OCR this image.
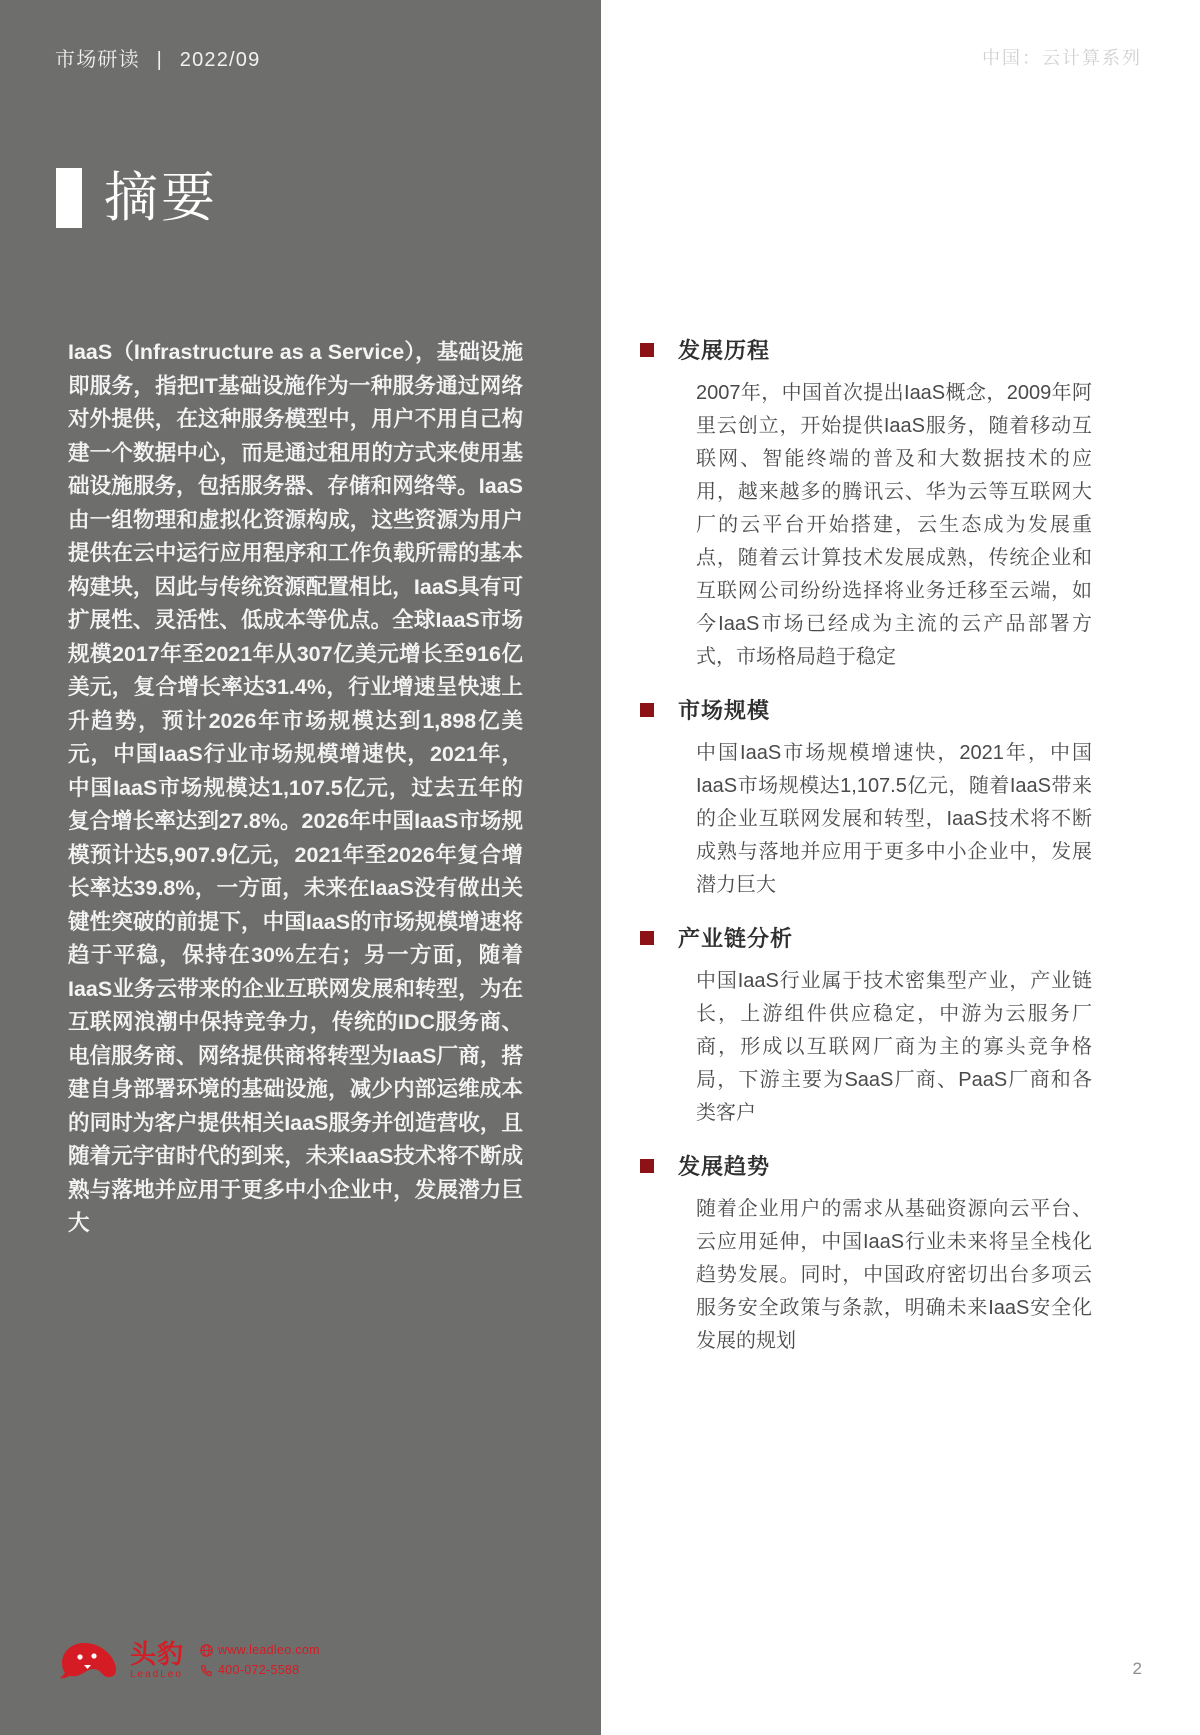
市场研读 | 2022/09	中国：云计算系列
摘要
IaaS（Infrastructure as a Service），基础设施即服务，指把IT基础设施作为一种服务通过网络对外提供，在这种服务模型中，用户不用自己构建一个数据中心，而是通过租用的方式来使用基础设施服务，包括服务器、存储和网络等。IaaS由一组物理和虚拟化资源构成，这些资源为用户提供在云中运行应用程序和工作负载所需的基本构建块，因此与传统资源配置相比，IaaS具有可扩展性、灵活性、低成本等优点。全球IaaS市场规模2017年至2021年从307亿美元增长至916亿美元，复合增长率达31.4%，行业增速呈快速上升趋势，预计2026年市场规模达到1,898亿美元，中国IaaS行业市场规模增速快，2021年，中国IaaS市场规模达1,107.5亿元，过去五年的复合增长率达到27.8%。2026年中国IaaS市场规模预计达5,907.9亿元，2021年至2026年复合增长率达39.8%，一方面，未来在IaaS没有做出关键性突破的前提下，中国IaaS的市场规模增速将趋于平稳，保持在30%左右；另一方面，随着IaaS业务云带来的企业互联网发展和转型，为在互联网浪潮中保持竞争力，传统的IDC服务商、电信服务商、网络提供商将转型为IaaS厂商，搭建自身部署环境的基础设施，减少内部运维成本的同时为客户提供相关IaaS服务并创造营收，且随着元宇宙时代的到来，未来IaaS技术将不断成熟与落地并应用于更多中小企业中，发展潜力巨大
发展历程
2007年，中国首次提出IaaS概念，2009年阿里云创立，开始提供IaaS服务，随着移动互联网、智能终端的普及和大数据技术的应用，越来越多的腾讯云、华为云等互联网大厂的云平台开始搭建，云生态成为发展重点，随着云计算技术发展成熟，传统企业和互联网公司纷纷选择将业务迁移至云端，如今IaaS市场已经成为主流的云产品部署方式，市场格局趋于稳定
市场规模
中国IaaS市场规模增速快，2021年，中国IaaS市场规模达1,107.5亿元，随着IaaS带来的企业互联网发展和转型，IaaS技术将不断成熟与落地并应用于更多中小企业中，发展潜力巨大
产业链分析
中国IaaS行业属于技术密集型产业，产业链长，上游组件供应稳定，中游为云服务厂商，形成以互联网厂商为主的寡头竞争格局，下游主要为SaaS厂商、PaaS厂商和各类客户
发展趋势
随着企业用户的需求从基础资源向云平台、云应用延伸，中国IaaS行业未来将呈全栈化趋势发展。同时，中国政府密切出台多项云服务安全政策与条款，明确未来IaaS安全化发展的规划
头豹
LeadLeo
www.leadleo.com
400-072-5588	2
